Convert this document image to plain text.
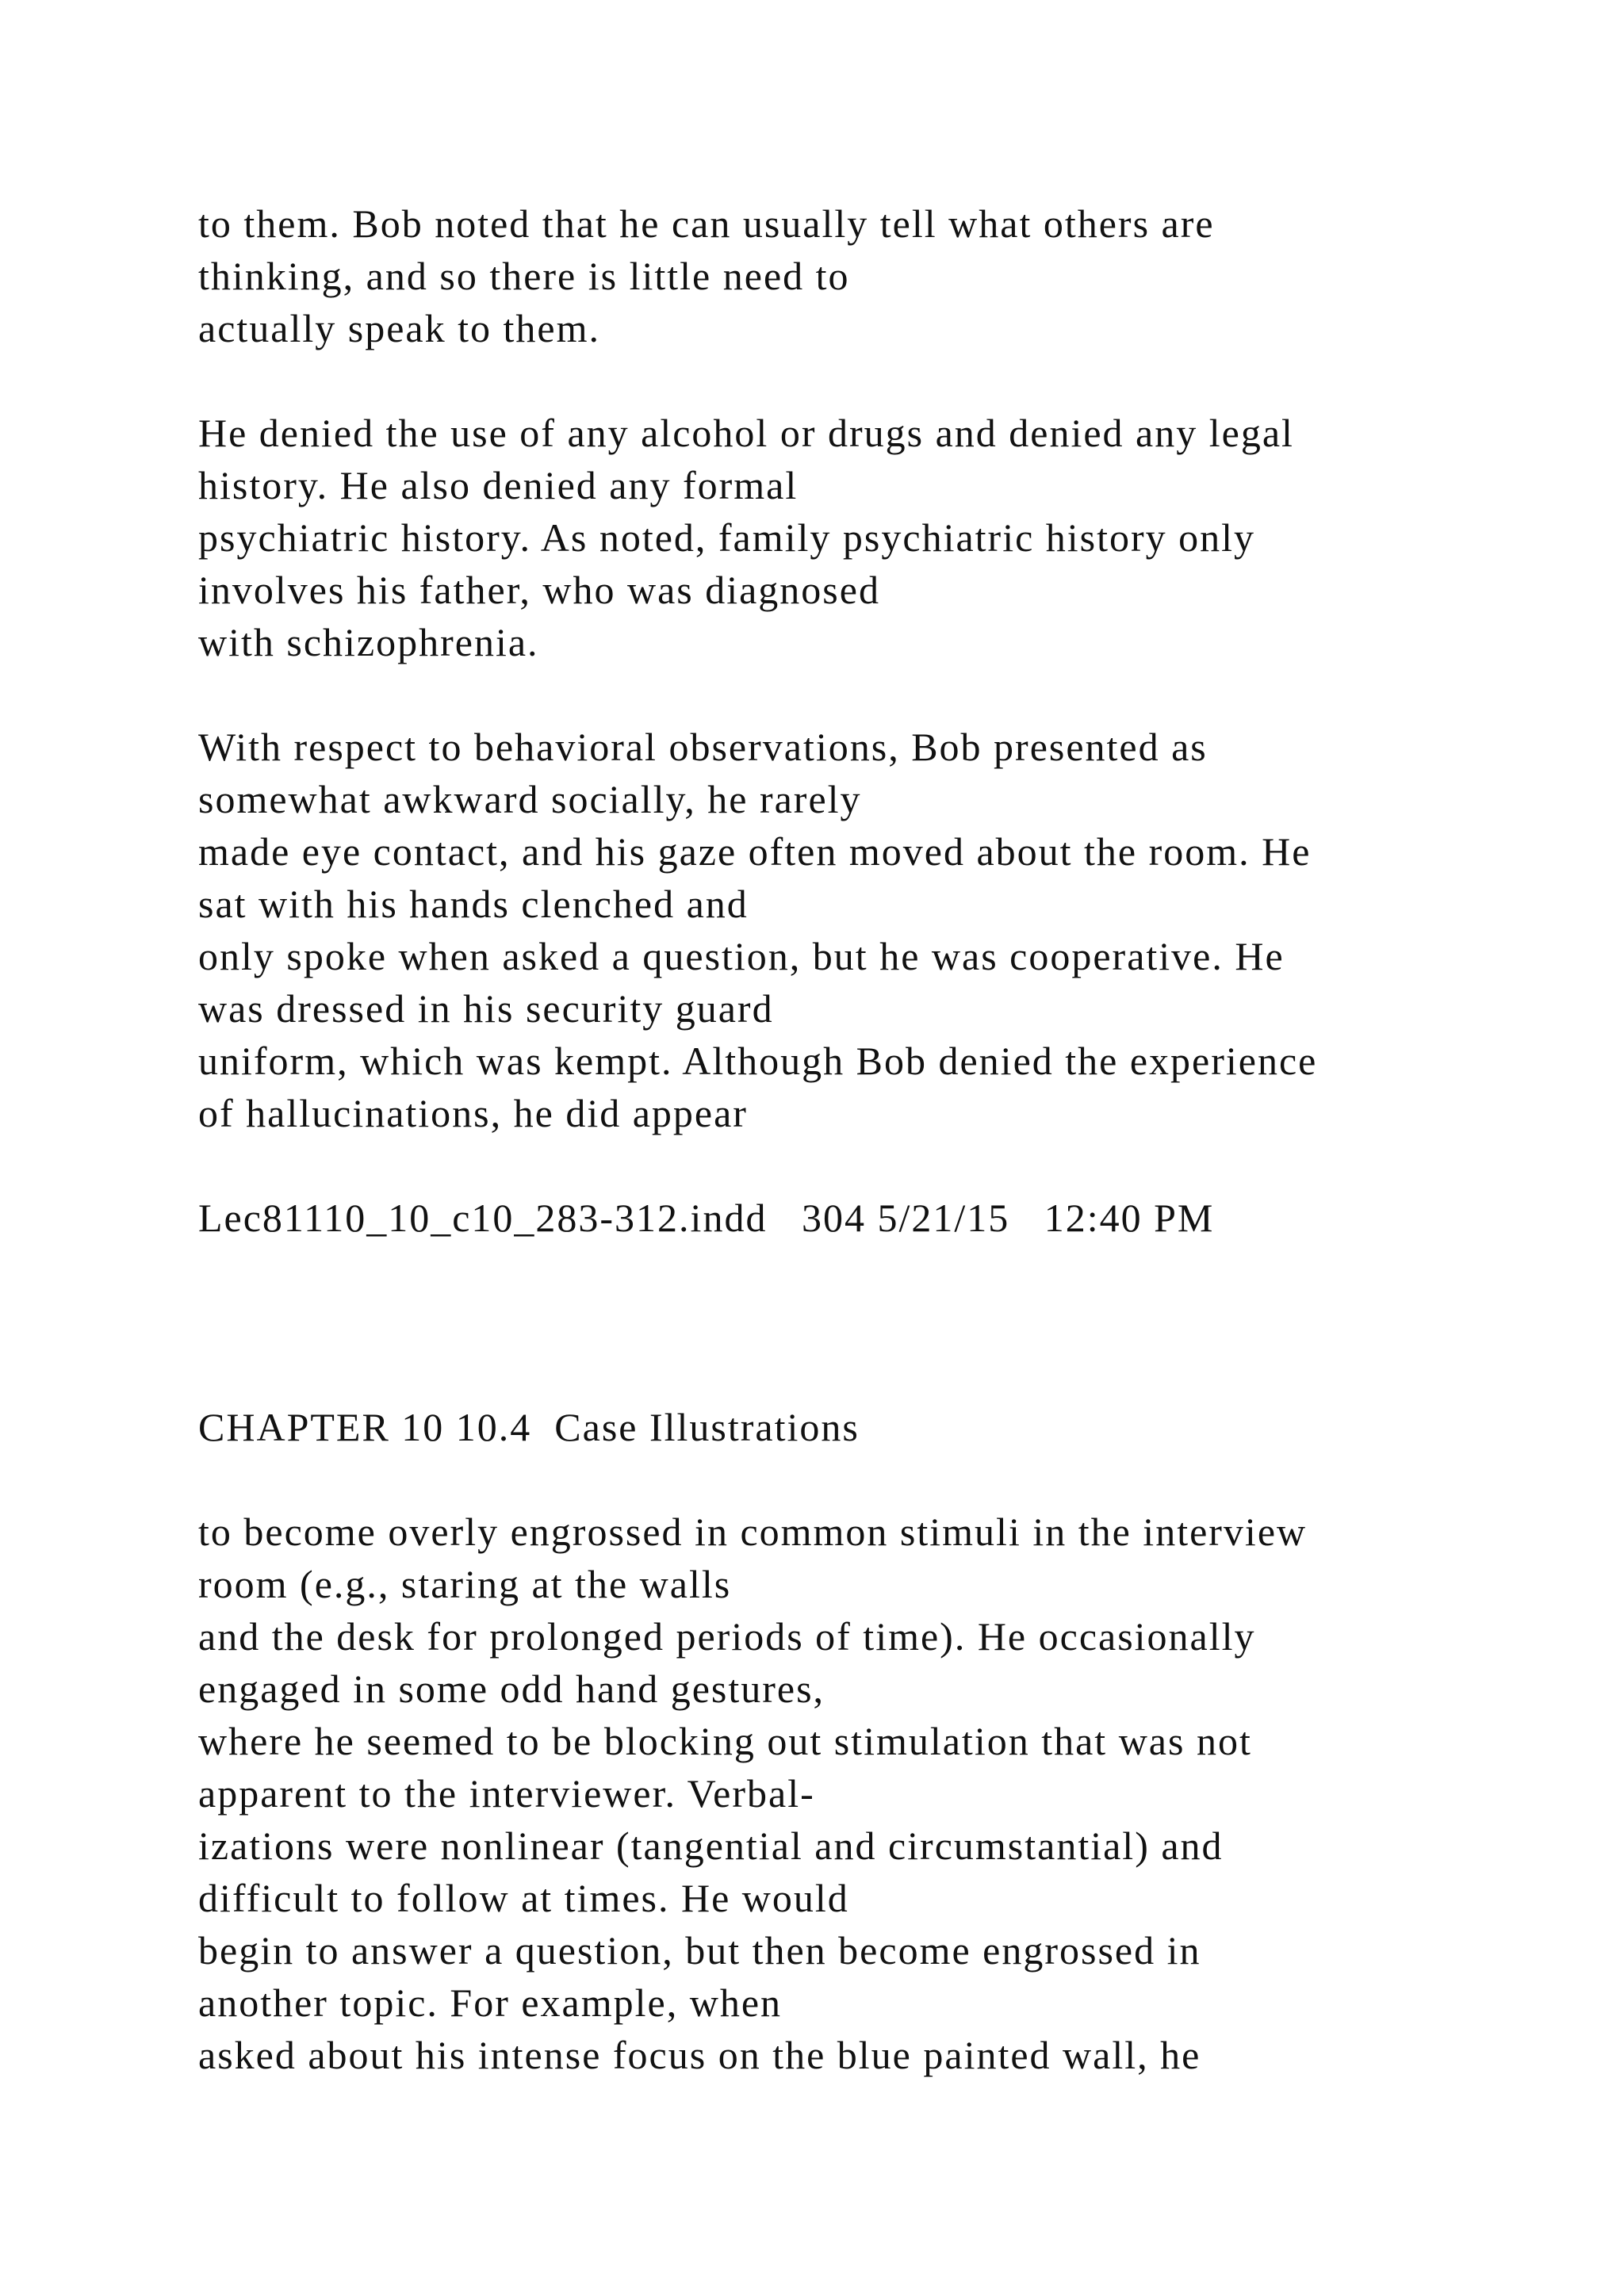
to them. Bob noted that he can usually tell what others are
thinking, and so there is little need to
actually speak to them.
He denied the use of any alcohol or drugs and denied any legal
history. He also denied any formal
psychiatric history. As noted, family psychiatric history only
involves his father, who was diagnosed
with schizophrenia.
With respect to behavioral observations, Bob presented as
somewhat awkward socially, he rarely
made eye contact, and his gaze often moved about the room. He
sat with his hands clenched and
only spoke when asked a question, but he was cooperative. He
was dressed in his security guard
uniform, which was kempt. Although Bob denied the experience
of hallucinations, he did appear
Lec81110_10_c10_283-312.indd   304 5/21/15   12:40 PM
CHAPTER 10 10.4  Case Illustrations
to become overly engrossed in common stimuli in the interview
room (e.g., staring at the walls
and the desk for prolonged periods of time). He occasionally
engaged in some odd hand gestures,
where he seemed to be blocking out stimulation that was not
apparent to the interviewer. Verbal-
izations were nonlinear (tangential and circumstantial) and
difficult to follow at times. He would
begin to answer a question, but then become engrossed in
another topic. For example, when
asked about his intense focus on the blue painted wall, he
